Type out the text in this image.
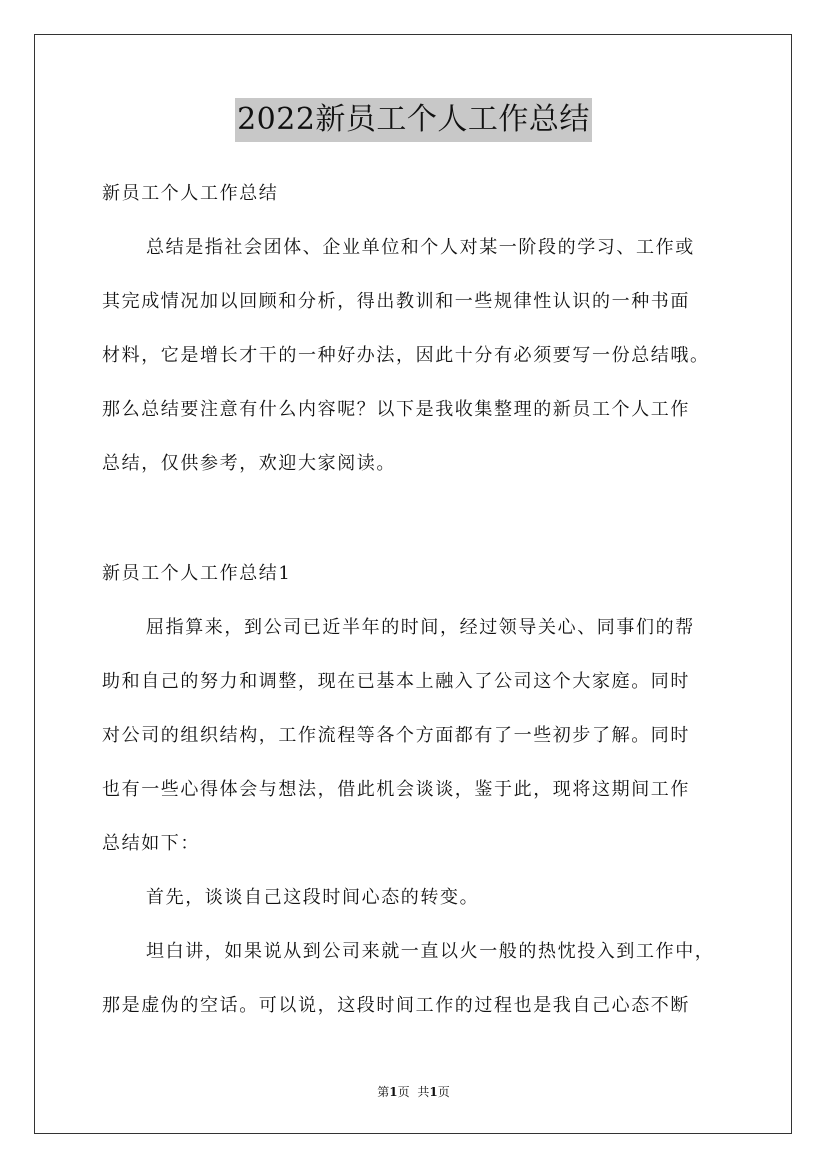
2022新员工个人工作总结
新员工个人工作总结
总结是指社会团体、企业单位和个人对某一阶段的学习、工作或
其完成情况加以回顾和分析，得出教训和一些规律性认识的一种书面
材料，它是增长才干的一种好办法，因此十分有必须要写一份总结哦。
那么总结要注意有什么内容呢？以下是我收集整理的新员工个人工作
总结，仅供参考，欢迎大家阅读。
新员工个人工作总结1
屈指算来，到公司已近半年的时间，经过领导关心、同事们的帮
助和自己的努力和调整，现在已基本上融入了公司这个大家庭。同时
对公司的组织结构，工作流程等各个方面都有了一些初步了解。同时
也有一些心得体会与想法，借此机会谈谈，鉴于此，现将这期间工作
总结如下：
首先，谈谈自己这段时间心态的转变。
坦白讲，如果说从到公司来就一直以火一般的热忱投入到工作中，
那是虚伪的空话。可以说，这段时间工作的过程也是我自己心态不断
第1页 共1页
